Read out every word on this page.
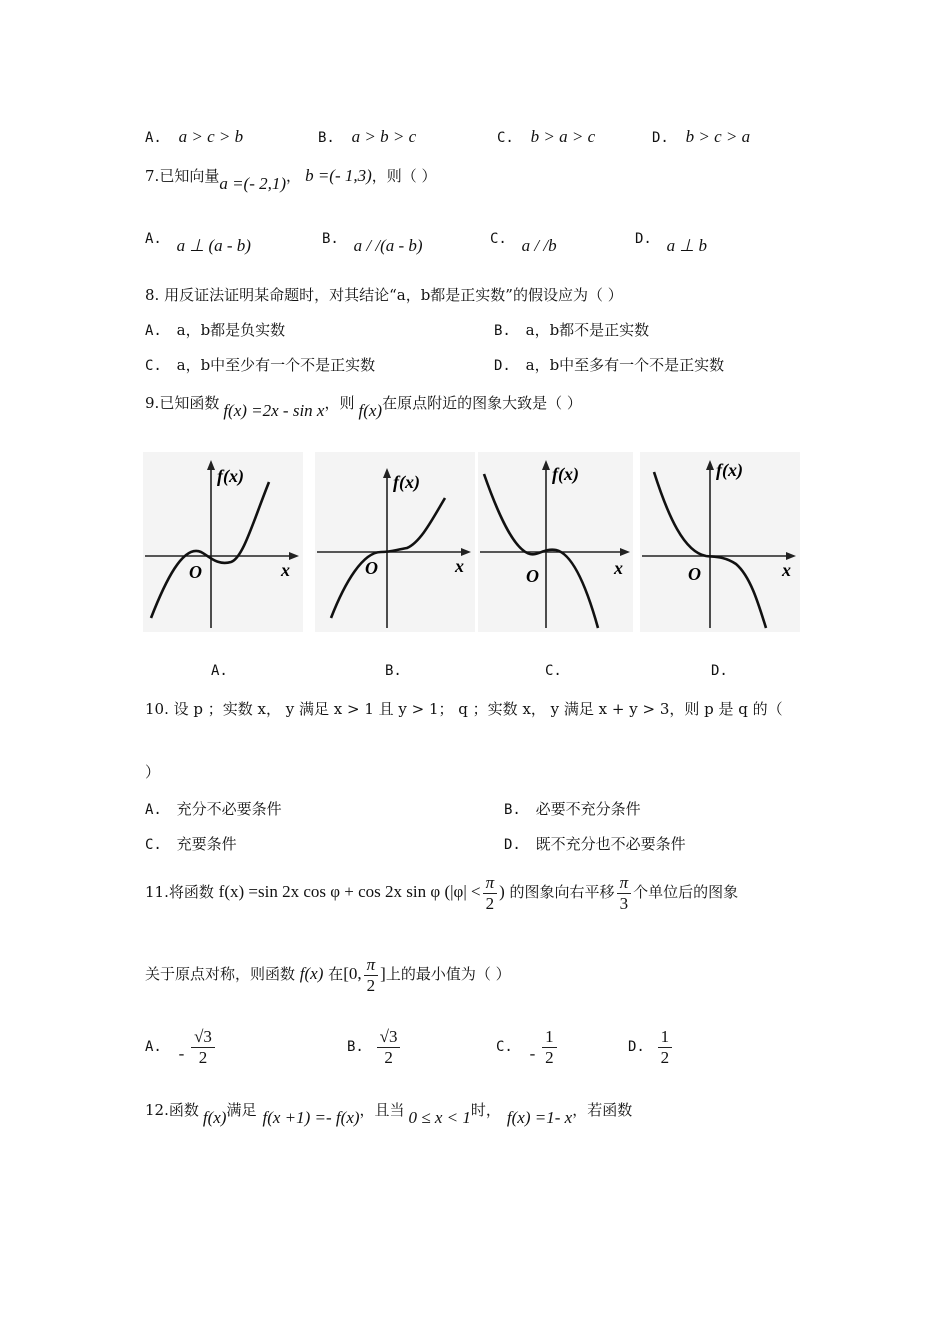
A. a > c > b	B. a > b > c	C. b > a > c	D. b > c > a
7.已知向量a =(- 2,1)， b =(- 1,3)，则（ ）
A. a ⊥ (a - b)	B. a / /(a - b)	C. a / /b	D. a ⊥ b
8. 用反证法证明某命题时，对其结论“a，b都是正实数”的假设应为（ ）
A. a，b都是负实数	B. a，b都不是正实数
C. a，b中至少有一个不是正实数	D. a，b中至多有一个不是正实数
9.已知函数 f(x) =2x - sin x，则 f(x)在原点附近的图象大致是（ ）
f(x)
x
O
f(x)
x
O
f(x)
x
O
f(x)
x
O
A.	B.	C.	D.
10. 设 p ；实数 x， y 满足 x > 1 且 y > 1； q ；实数 x， y 满足 x + y > 3，则 p 是 q 的（
）
A. 充分不必要条件	B. 必要不充分条件
C. 充要条件	D. 既不充分也不必要条件
11.将函数 f(x) =sin 2x cos φ + cos 2x sin φ ($|\varphi| < \frac{\pi}{2}$ ) 的图象向右平移 $\frac{\pi}{3}$ 个单位后的图象
关于原点对称，则函数 f(x) 在[0, $\frac{\pi}{2}$ ]上的最小值为（ ）
A. - $\frac{√3}{2}$	B. $\frac{√3}{2}$	C. - $\frac{1}{2}$	D. $\frac{1}{2}$
12.函数 f(x)满足 f(x +1) =- f(x)，且当 0 ≤ x < 1时， f(x) =1- x，若函数
